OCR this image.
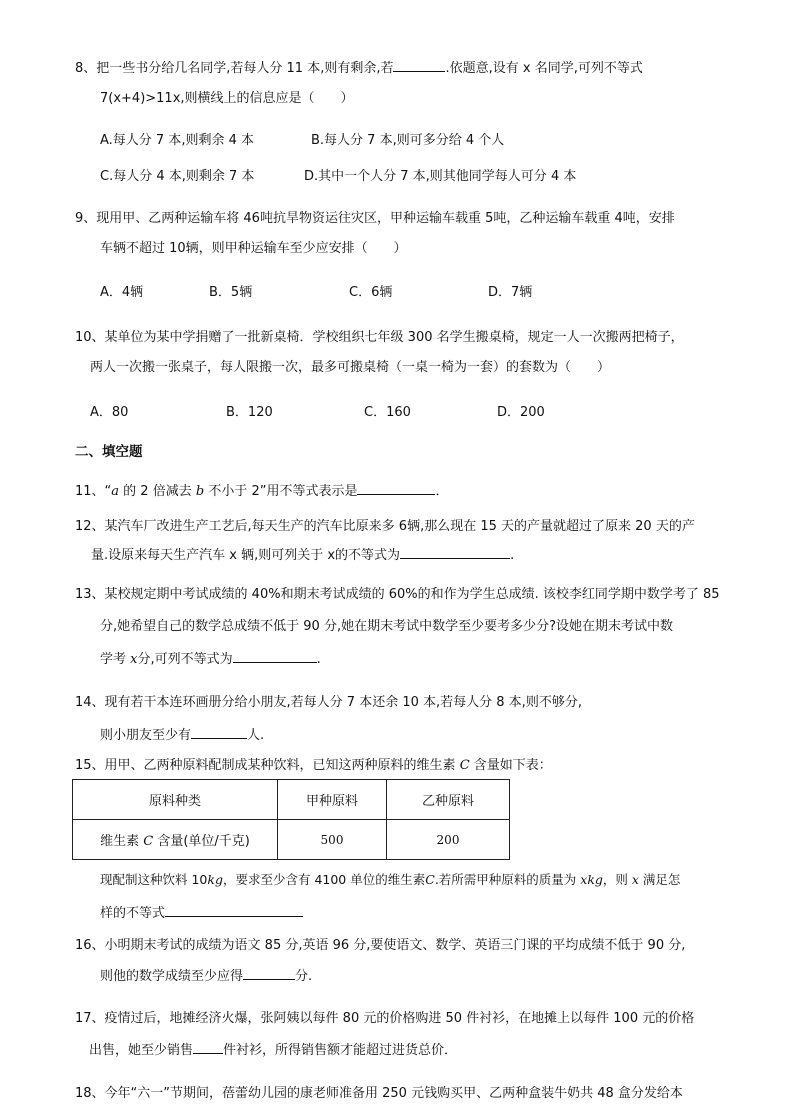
8、把一些书分给几名同学,若每人分 11 本,则有剩余,若	.依题意,设有 x 名同学,可列不等式
7(x+4)>11x,则横线上的信息应是（　　）
A.每人分 7 本,则剩余 4 本	B.每人分 7 本,则可多分给 4 个人
C.每人分 4 本,则剩余 7 本	D.其中一个人分 7 本,则其他同学每人可分 4 本
9、现用甲、乙两种运输车将 46吨抗旱物资运往灾区，甲种运输车载重 5吨，乙种运输车载重 4吨，安排
车辆不超过 10辆，则甲种运输车至少应安排（　　）
A．4辆	B．5辆	C．6辆	D．7辆
10、某单位为某中学捐赠了一批新桌椅．学校组织七年级 300 名学生搬桌椅，规定一人一次搬两把椅子，
两人一次搬一张桌子，每人限搬一次，最多可搬桌椅（一桌一椅为一套）的套数为（　　）
A．80	B．120	C．160	D．200
二、填空题
11、“a 的 2 倍减去 b 不小于 2”用不等式表示是	．
12、某汽车厂改进生产工艺后,每天生产的汽车比原来多 6辆,那么现在 15 天的产量就超过了原来 20 天的产
量.设原来每天生产汽车 x 辆,则可列关于 x的不等式为	.
13、某校规定期中考试成绩的 40%和期末考试成绩的 60%的和作为学生总成绩. 该校李红同学期中数学考了 85
分,她希望自己的数学总成绩不低于 90 分,她在期末考试中数学至少要考多少分?设她在期末考试中数
学考 x分,可列不等式为	.
14、现有若干本连环画册分给小朋友,若每人分 7 本还余 10 本,若每人分 8 本,则不够分,
则小朋友至少有	人.
15、用甲、乙两种原料配制成某种饮料，已知这两种原料的维生素 C 含量如下表：
原料种类	甲种原料	乙种原料
维生素 C 含量(单位/千克)	500	200
现配制这种饮料 10kg，要求至少含有 4100 单位的维生素C.若所需甲种原料的质量为 xkg，则 x 满足怎
样的不等式
16、小明期末考试的成绩为语文 85 分,英语 96 分,要使语文、数学、英语三门课的平均成绩不低于 90 分,
则他的数学成绩至少应得	分.
17、疫情过后，地摊经济火爆，张阿姨以每件 80 元的价格购进 50 件衬衫，在地摊上以每件 100 元的价格
出售，她至少销售 件衬衫，所得销售额才能超过进货总价．
18、今年“六一”节期间，蓓蕾幼儿园的康老师准备用 250 元钱购买甲、乙两种盒装牛奶共 48 盒分发给本
